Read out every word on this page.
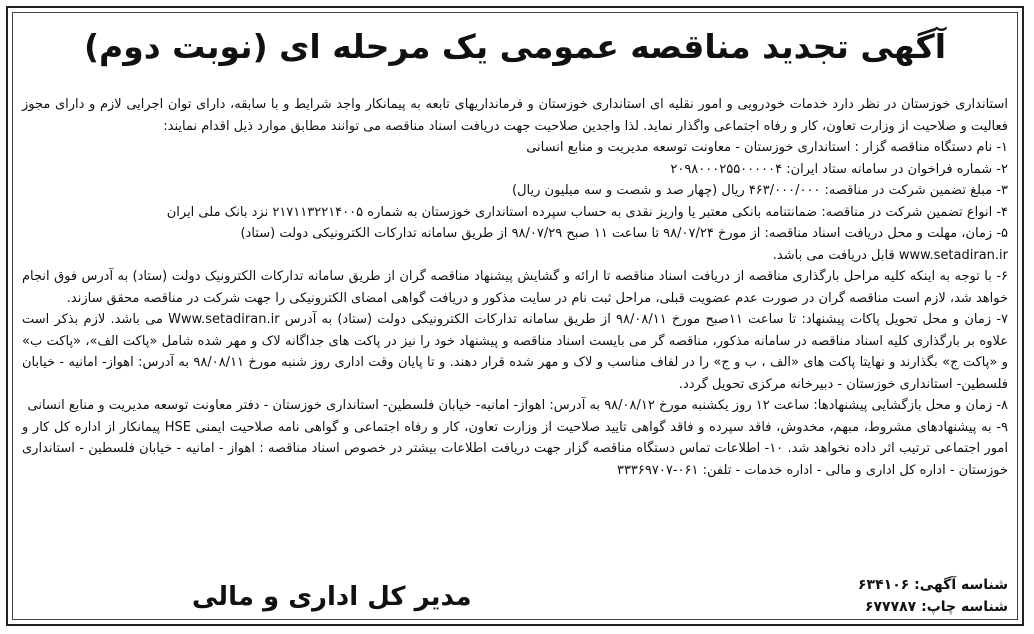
آگهی تجدید مناقصه عمومی یک مرحله ای (نوبت دوم)

استانداری خوزستان در نظر دارد خدمات خودرویی و امور نقلیه ای استانداری خوزستان و فرمانداریهای تابعه به پیمانکار واجد شرایط و با سابقه، دارای توان اجرایی لازم و دارای مجوز فعالیت و صلاحیت از وزارت تعاون، کار و رفاه اجتماعی واگذار نماید. لذا واجدین صلاحیت جهت دریافت اسناد مناقصه می توانند مطابق موارد ذیل اقدام نمایند:

۱- نام دستگاه مناقصه گزار : استانداری خوزستان - معاونت توسعه مدیریت و منابع انسانی

۲- شماره فراخوان در سامانه ستاد ایران: ۲۰۹۸۰۰۰۲۵۵۰۰۰۰۰۴

۳- مبلغ تضمین شرکت در مناقصه: ۴۶۳/۰۰۰/۰۰۰ ریال (چهار صد و شصت و سه میلیون ریال)

۴- انواع تضمین شرکت در مناقصه: ضمانتنامه بانکی معتبر یا واریز نقدی به حساب سپرده استانداری خوزستان به شماره ۲۱۷۱۱۳۲۲۱۴۰۰۵ نزد بانک ملی ایران

۵- زمان، مهلت و محل دریافت اسناد مناقصه: از مورخ ۹۸/۰۷/۲۴ تا ساعت ۱۱ صبح ۹۸/۰۷/۲۹ از طریق سامانه تدارکات الکترونیکی دولت (ستاد)

www.setadiran.ir قابل دریافت می باشد.

۶- با توجه به اینکه کلیه مراحل بارگذاری مناقصه از دریافت اسناد مناقصه تا ارائه و گشایش پیشنهاد مناقصه گران از طریق سامانه تدارکات الکترونیک دولت (ستاد) به آدرس فوق انجام خواهد شد، لازم است مناقصه گران در صورت عدم عضویت قبلی، مراحل ثبت نام در سایت مذکور و دریافت گواهی امضای الکترونیکی را جهت شرکت در مناقصه محقق سازند.

۷- زمان و محل تحویل پاکات پیشنهاد: تا ساعت ۱۱صبح مورخ ۹۸/۰۸/۱۱ از طریق سامانه تدارکات الکترونیکی دولت (ستاد) به آدرس Www.setadiran.ir می باشد. لازم بذکر است علاوه بر بارگذاری کلیه اسناد مناقصه در سامانه مذکور، مناقصه گر می بایست اسناد مناقصه و پیشنهاد خود را نیز در پاکت های جداگانه لاک و مهر شده شامل «پاکت الف»، «پاکت ب» و «پاکت ج» بگذارند و نهایتا پاکت های «الف ، ب و ج» را در لفاف مناسب و لاک و مهر شده قرار دهند. و تا پایان وقت اداری روز شنبه مورخ ۹۸/۰۸/۱۱ به آدرس: اهواز- امانیه - خیابان فلسطین- استانداری خوزستان - دبیرخانه مرکزی تحویل گردد.

۸- زمان و محل بازگشایی پیشنهادها: ساعت ۱۲ روز یکشنبه مورخ ۹۸/۰۸/۱۲ به آدرس: اهواز- امانیه- خیابان فلسطین- استانداری خوزستان - دفتر معاونت توسعه مدیریت و منابع انسانی

۹- به پیشنهادهای مشروط، مبهم، مخدوش، فاقد سپرده و فاقد گواهی تایید صلاحیت از وزارت تعاون، کار و رفاه اجتماعی و گواهی نامه صلاحیت ایمنی HSE پیمانکار از اداره کل کار و امور اجتماعی ترتیب اثر داده نخواهد شد. ۱۰- اطلاعات تماس دستگاه مناقصه گزار جهت دریافت اطلاعات بیشتر در خصوص اسناد مناقصه : اهواز - امانیه - خیابان فلسطین - استانداری خوزستان - اداره کل اداری و مالی - اداره خدمات - تلفن: ۰۶۱-۳۳۳۶۹۷۰۷

شناسه آگهی: ۶۳۴۱۰۶
شناسه چاپ: ۶۷۷۷۸۷
مدیر کل اداری و مالی
